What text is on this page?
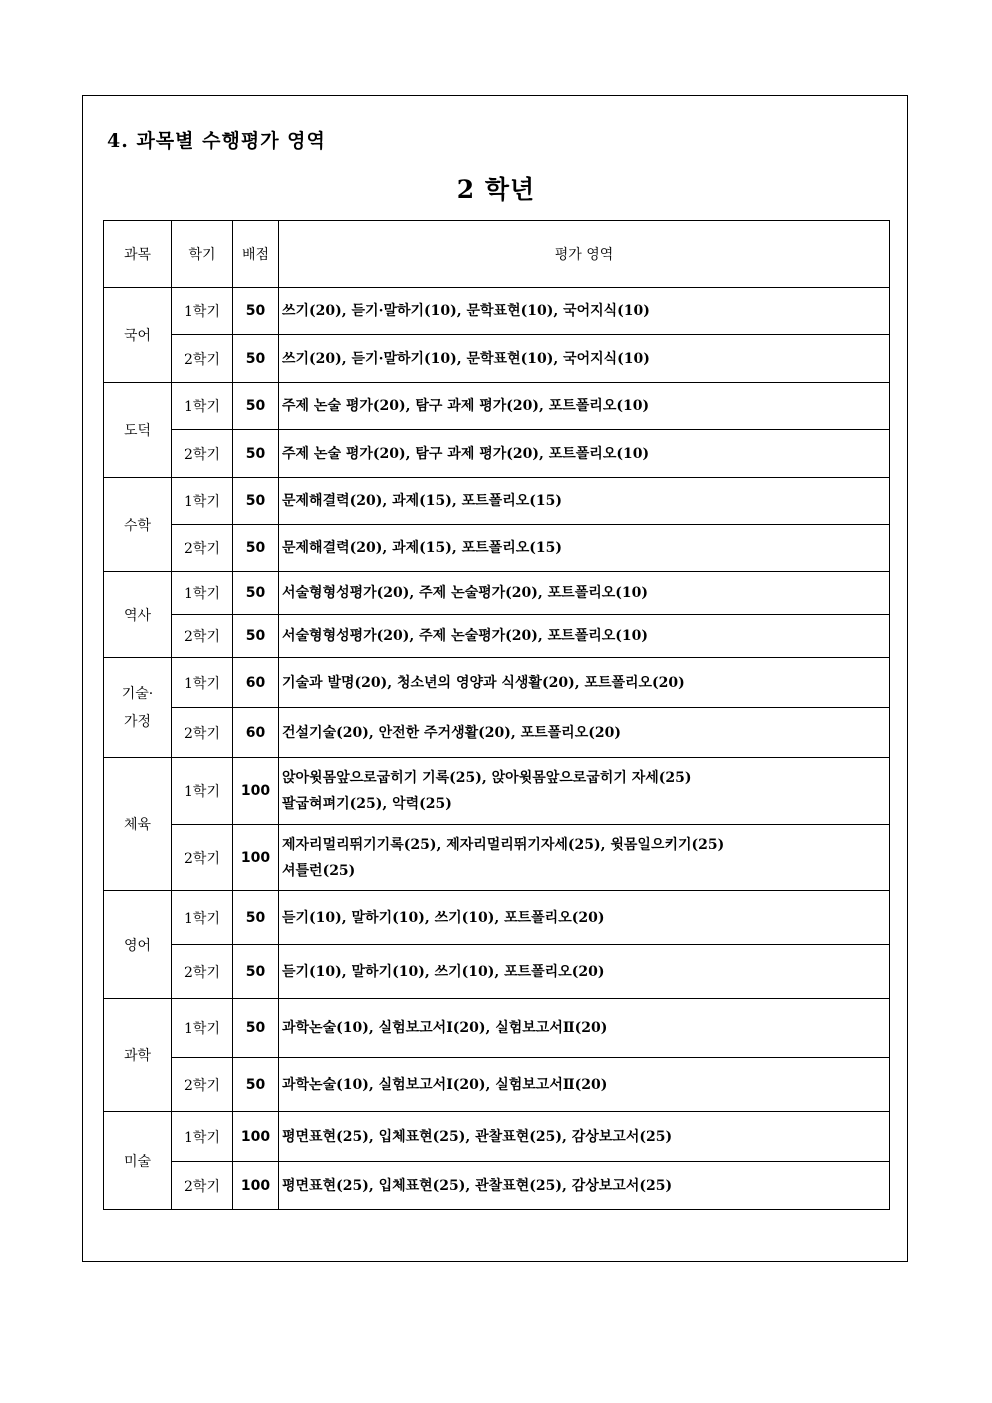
4. 과목별 수행평가 영역
2 학년
과목	학기	배점	평가 영역
국어	1학기	50	쓰기(20), 듣기·말하기(10), 문학표현(10), 국어지식(10)

	2학기	50	쓰기(20), 듣기·말하기(10), 문학표현(10), 국어지식(10)

도덕	1학기	50	주제 논술 평가(20), 탐구 과제 평가(20), 포트폴리오(10)

	2학기	50	주제 논술 평가(20), 탐구 과제 평가(20), 포트폴리오(10)

수학	1학기	50	문제해결력(20), 과제(15), 포트폴리오(15)

	2학기	50	문제해결력(20), 과제(15), 포트폴리오(15)

역사	1학기	50	서술형형성평가(20), 주제 논술평가(20), 포트폴리오(10)

	2학기	50	서술형형성평가(20), 주제 논술평가(20), 포트폴리오(10)

기술·
가정	1학기	60	기술과 발명(20), 청소년의 영양과 식생활(20), 포트폴리오(20)

	2학기	60	건설기술(20), 안전한 주거생활(20), 포트폴리오(20)

체육	1학기	100	앉아윗몸앞으로굽히기 기록(25), 앉아윗몸앞으로굽히기 자세(25)
팔굽혀펴기(25), 악력(25)

	2학기	100	제자리멀리뛰기기록(25), 제자리멀리뛰기자세(25), 윗몸일으키기(25)
셔틀런(25)

영어	1학기	50	듣기(10), 말하기(10), 쓰기(10), 포트폴리오(20)

	2학기	50	듣기(10), 말하기(10), 쓰기(10), 포트폴리오(20)

과학	1학기	50	과학논술(10), 실험보고서Ⅰ(20), 실험보고서Ⅱ(20)

	2학기	50	과학논술(10), 실험보고서Ⅰ(20), 실험보고서Ⅱ(20)

미술	1학기	100	평면표현(25), 입체표현(25), 관찰표현(25), 감상보고서(25)

	2학기	100	평면표현(25), 입체표현(25), 관찰표현(25), 감상보고서(25)
